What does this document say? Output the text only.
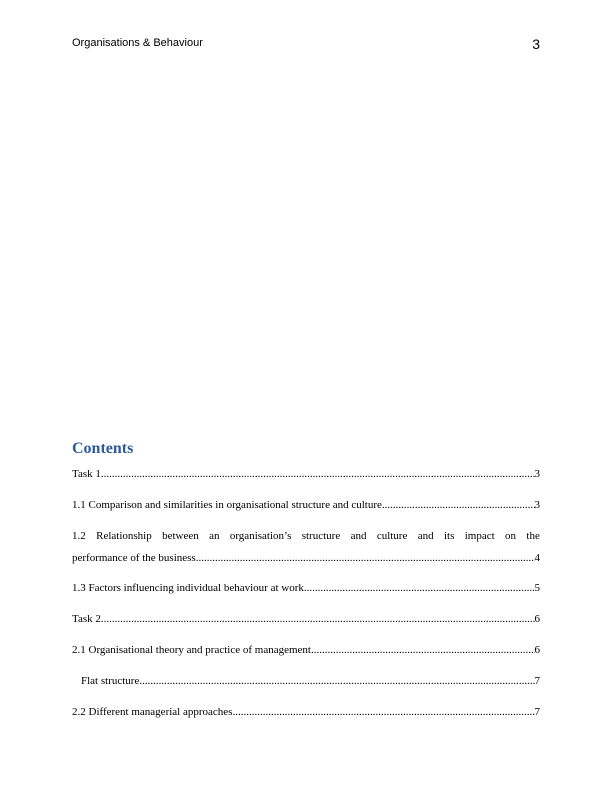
Organisations & Behaviour	3
Contents
Task 1 .....	3
1.1 Comparison and similarities in organisational structure and culture .....	3
1.2 Relationship between an organisation’s structure and culture and its impact on the
performance of the business .....	4
1.3 Factors influencing individual behaviour at work .....	5
Task 2 .....	6
2.1 Organisational theory and practice of management .....	6
Flat structure .....	7
2.2 Different managerial approaches .....	7
